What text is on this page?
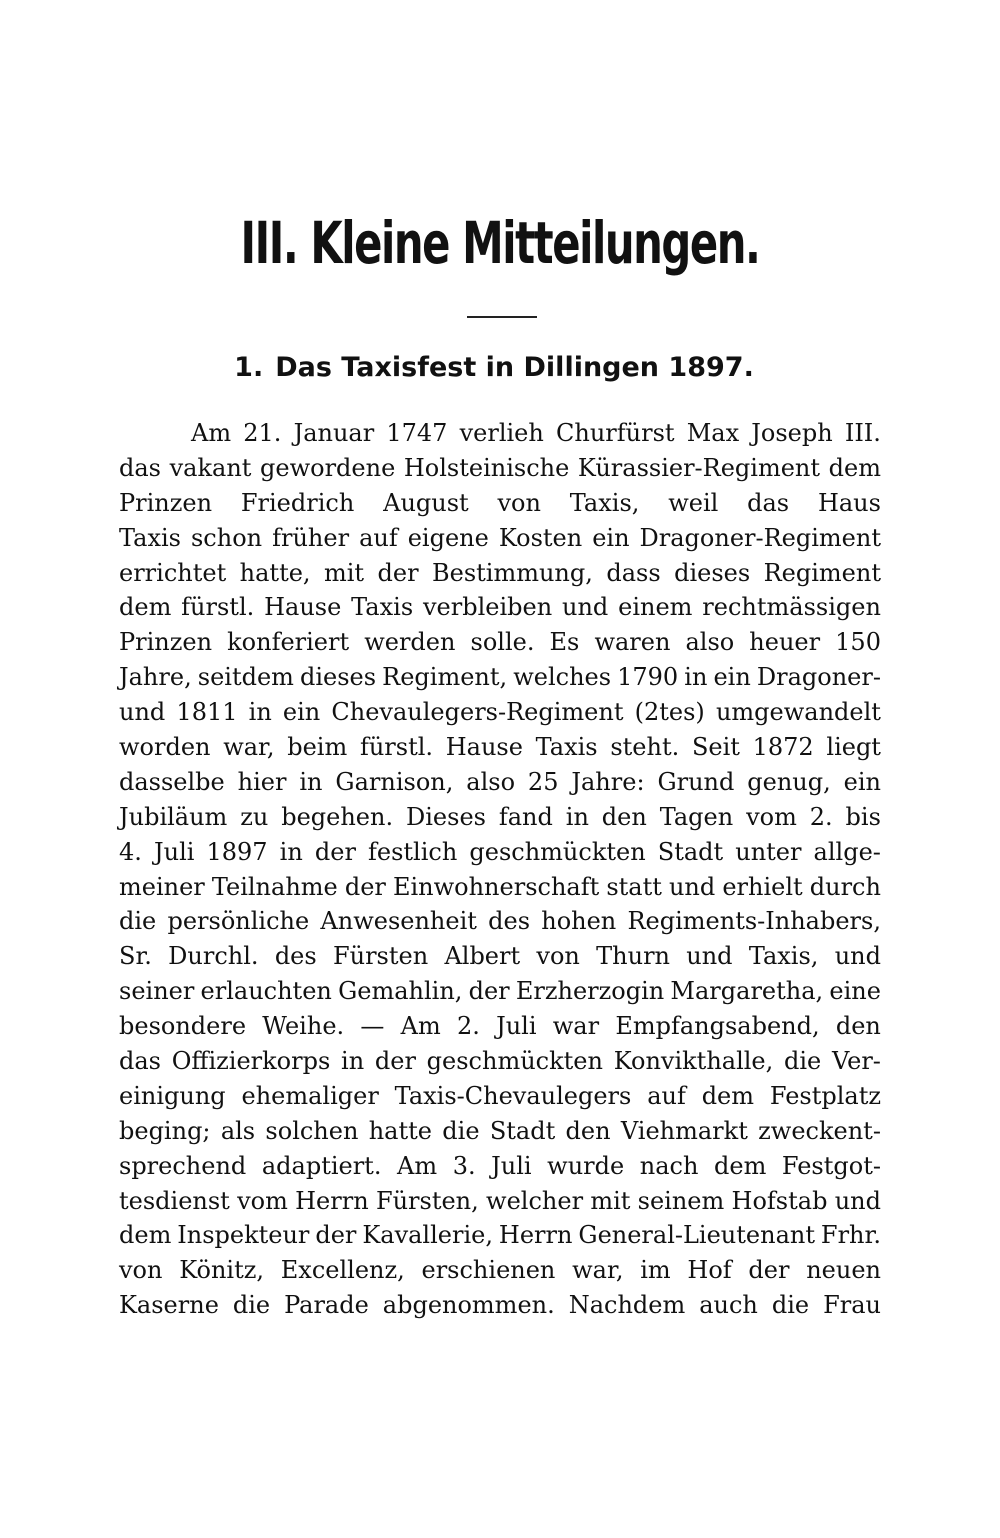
III. Kleine Mitteilungen.
1. Das Taxisfest in Dillingen 1897.
Am 21. Januar 1747 verlieh Churfürst Max Joseph III.
das vakant gewordene Holsteinische Kürassier-Regiment dem
Prinzen Friedrich August von Taxis, weil das Haus
Taxis schon früher auf eigene Kosten ein Dragoner-Regiment
errichtet hatte, mit der Bestimmung, dass dieses Regiment
dem fürstl. Hause Taxis verbleiben und einem rechtmässigen
Prinzen konferiert werden solle. Es waren also heuer 150
Jahre, seitdem dieses Regiment, welches 1790 in ein Dragoner-
und 1811 in ein Chevaulegers-Regiment (2tes) umgewandelt
worden war, beim fürstl. Hause Taxis steht. Seit 1872 liegt
dasselbe hier in Garnison, also 25 Jahre: Grund genug, ein
Jubiläum zu begehen. Dieses fand in den Tagen vom 2. bis
4. Juli 1897 in der festlich geschmückten Stadt unter allge-
meiner Teilnahme der Einwohnerschaft statt und erhielt durch
die persönliche Anwesenheit des hohen Regiments-Inhabers,
Sr. Durchl. des Fürsten Albert von Thurn und Taxis, und
seiner erlauchten Gemahlin, der Erzherzogin Margaretha, eine
besondere Weihe. — Am 2. Juli war Empfangsabend, den
das Offizierkorps in der geschmückten Konvikthalle, die Ver-
einigung ehemaliger Taxis-Chevaulegers auf dem Festplatz
beging; als solchen hatte die Stadt den Viehmarkt zweckent-
sprechend adaptiert. Am 3. Juli wurde nach dem Festgot-
tesdienst vom Herrn Fürsten, welcher mit seinem Hofstab und
dem Inspekteur der Kavallerie, Herrn General-Lieutenant Frhr.
von Könitz, Excellenz, erschienen war, im Hof der neuen
Kaserne die Parade abgenommen. Nachdem auch die Frau
